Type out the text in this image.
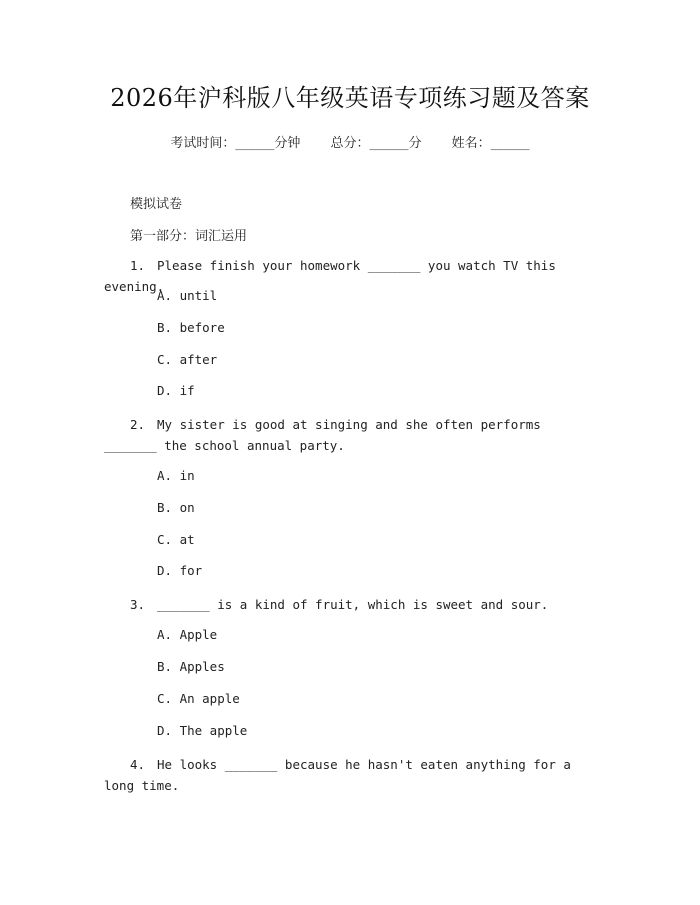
2026年沪科版八年级英语专项练习题及答案
考试时间：______分钟 总分：______分 姓名：______
模拟试卷
第一部分：词汇运用
1. Please finish your homework _______ you watch TV this evening.
A. until
B. before
C. after
D. if
2. My sister is good at singing and she often performs _______ the school annual party.
A. in
B. on
C. at
D. for
3. _______ is a kind of fruit, which is sweet and sour.
A. Apple
B. Apples
C. An apple
D. The apple
4. He looks _______ because he hasn't eaten anything for a long time.
